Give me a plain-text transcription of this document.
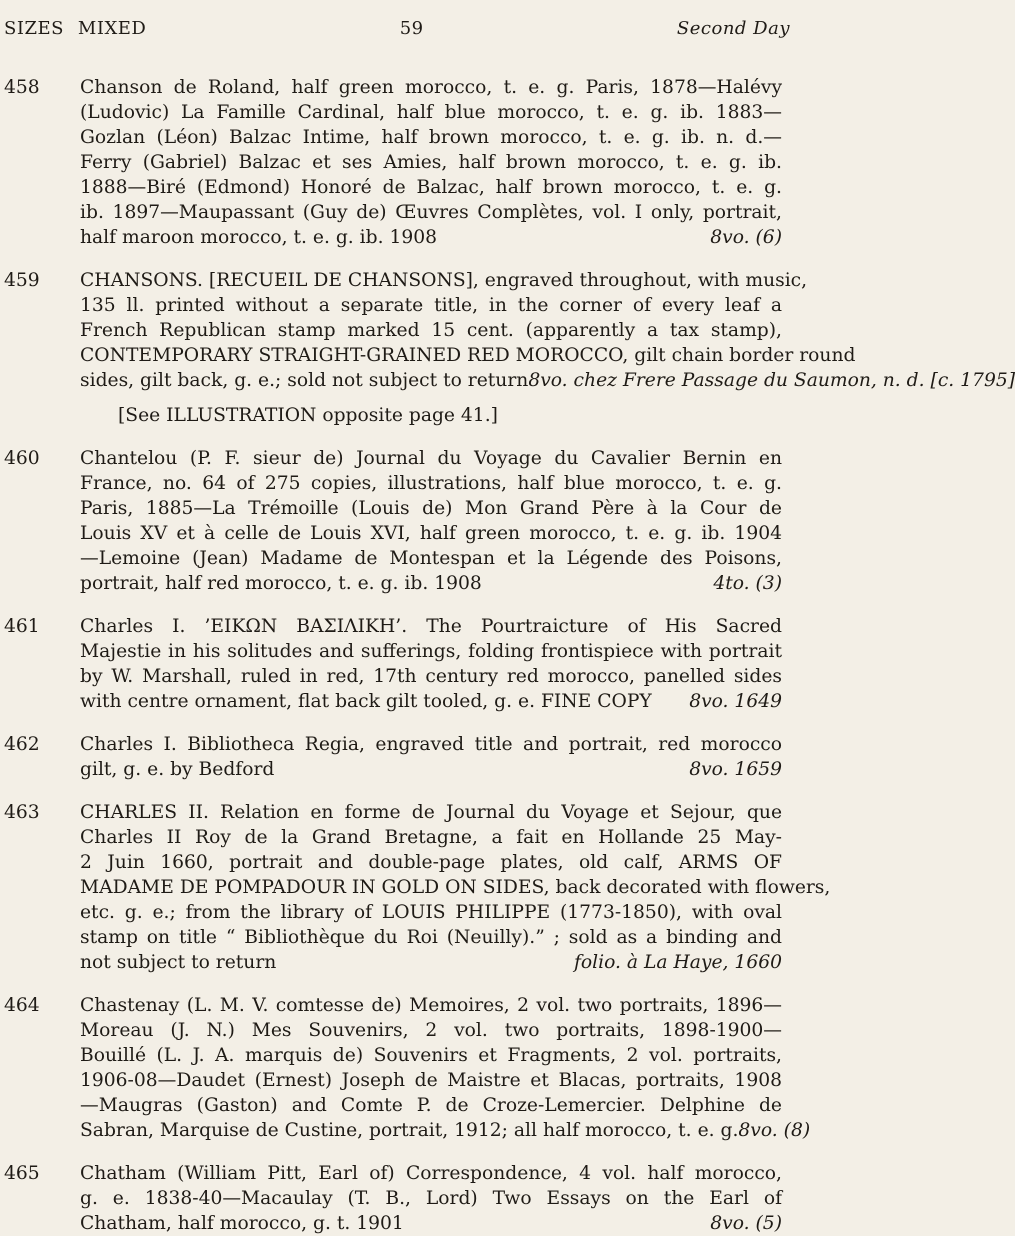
SIZES MIXED	59	Second Day
458	Chanson de Roland, half green morocco, t. e. g. Paris, 1878—Halévy
(Ludovic) La Famille Cardinal, half blue morocco, t. e. g. ib. 1883—
Gozlan (Léon) Balzac Intime, half brown morocco, t. e. g. ib. n. d.—
Ferry (Gabriel) Balzac et ses Amies, half brown morocco, t. e. g. ib.
1888—Biré (Edmond) Honoré de Balzac, half brown morocco, t. e. g.
ib. 1897—Maupassant (Guy de) Œuvres Complètes, vol. I only, portrait,
half maroon morocco, t. e. g. ib. 1908	8vo. (6)
459	CHANSONS. [RECUEIL DE CHANSONS], engraved throughout, with music,
135 ll. printed without a separate title, in the corner of every leaf a
French Republican stamp marked 15 cent. (apparently a tax stamp),
CONTEMPORARY STRAIGHT-GRAINED RED MOROCCO, gilt chain border round
sides, gilt back, g. e.; sold not subject to return 8vo. chez Frere Passage du Saumon, n. d. [c. 1795]
[See ILLUSTRATION opposite page 41.]
460	Chantelou (P. F. sieur de) Journal du Voyage du Cavalier Bernin en
France, no. 64 of 275 copies, illustrations, half blue morocco, t. e. g.
Paris, 1885—La Trémoille (Louis de) Mon Grand Père à la Cour de
Louis XV et à celle de Louis XVI, half green morocco, t. e. g. ib. 1904
—Lemoine (Jean) Madame de Montespan et la Légende des Poisons,
portrait, half red morocco, t. e. g. ib. 1908	4to. (3)
461	Charles I. ’ΕΙΚΩΝ ΒΑΣΙΛΙΚΗ’. The Pourtraicture of His Sacred
Majestie in his solitudes and sufferings, folding frontispiece with portrait
by W. Marshall, ruled in red, 17th century red morocco, panelled sides
with centre ornament, flat back gilt tooled, g. e. FINE COPY 8vo. 1649
462	Charles I. Bibliotheca Regia, engraved title and portrait, red morocco
gilt, g. e. by Bedford	8vo. 1659
463	CHARLES II. Relation en forme de Journal du Voyage et Sejour, que
Charles II Roy de la Grand Bretagne, a fait en Hollande 25 May-
2 Juin 1660, portrait and double-page plates, old calf, ARMS OF
MADAME DE POMPADOUR IN GOLD ON SIDES, back decorated with flowers,
etc. g. e.; from the library of LOUIS PHILIPPE (1773-1850), with oval
stamp on title “ Bibliothèque du Roi (Neuilly).” ; sold as a binding and
not subject to return	folio. à La Haye, 1660
464	Chastenay (L. M. V. comtesse de) Memoires, 2 vol. two portraits, 1896—
Moreau (J. N.) Mes Souvenirs, 2 vol. two portraits, 1898-1900—
Bouillé (L. J. A. marquis de) Souvenirs et Fragments, 2 vol. portraits,
1906-08—Daudet (Ernest) Joseph de Maistre et Blacas, portraits, 1908
—Maugras (Gaston) and Comte P. de Croze-Lemercier. Delphine de
Sabran, Marquise de Custine, portrait, 1912; all half morocco, t. e. g. 8vo. (8)
465	Chatham (William Pitt, Earl of) Correspondence, 4 vol. half morocco,
g. e. 1838-40—Macaulay (T. B., Lord) Two Essays on the Earl of
Chatham, half morocco, g. t. 1901	8vo. (5)
